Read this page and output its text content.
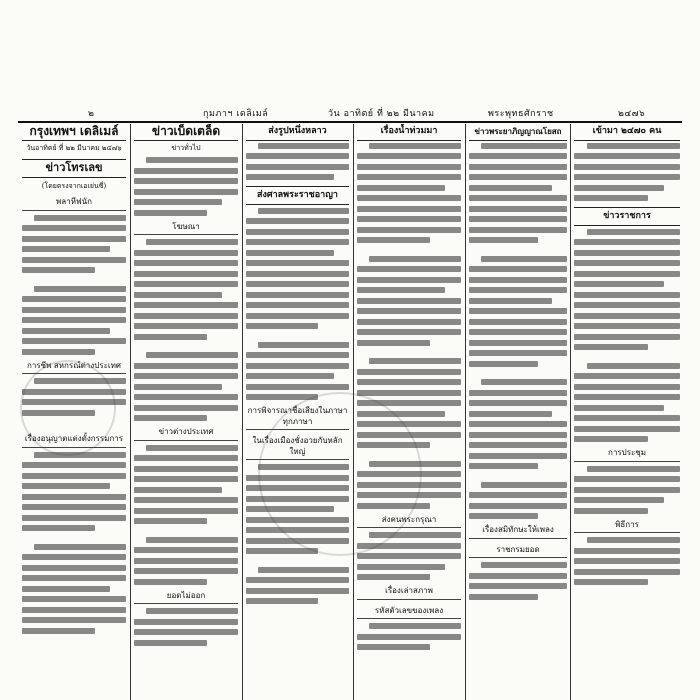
๒	กุมภาฯ เดลิเมล์	วัน อาทิตย์ ที่ ๒๒ มีนาคม	พระพุทธศักราช	๒๔๗๖
กรุงเทพฯ เดลิเมล์
วันอาทิตย์ ที่ ๒๒ มีนาคม ๒๔๗๖
ข่าวโทรเลข
(โดยตรงจากเอเย่นซี่)
พลาหีฟนัก
การชีพ สหกรณ์ต่างประเทศ
เรื่องอนุญาตแต่งตั้งกรรมการ
ข่าวเบ็ดเตล็ด
ข่าวทั่วไป
โฆษณา
ข่าวต่างประเทศ
ยอดไม่ออก
ส่งรูปหนึ่งหลาว
ส่งศาลพระราชอาญา
การพิจารณาชื่อเสียงในภาษาทุกภาษา
ในเรื่องเมืองชั่งอวยกับหลักใหญ่
เรื่องน้ำท่วมมา
ส่งคนพระกรุณา
เรื่องเล่าสภาพ
รหัสตัวเลขของเพลง
ข่าวพระยาภิญญาณโยสถ
เรื่องสมิทักษะให้เพลง
ราชกรมยอด
เข้ามา ๒๔๗๐ คน
ข่าวราชการ
การประชุม
พิธีการ
